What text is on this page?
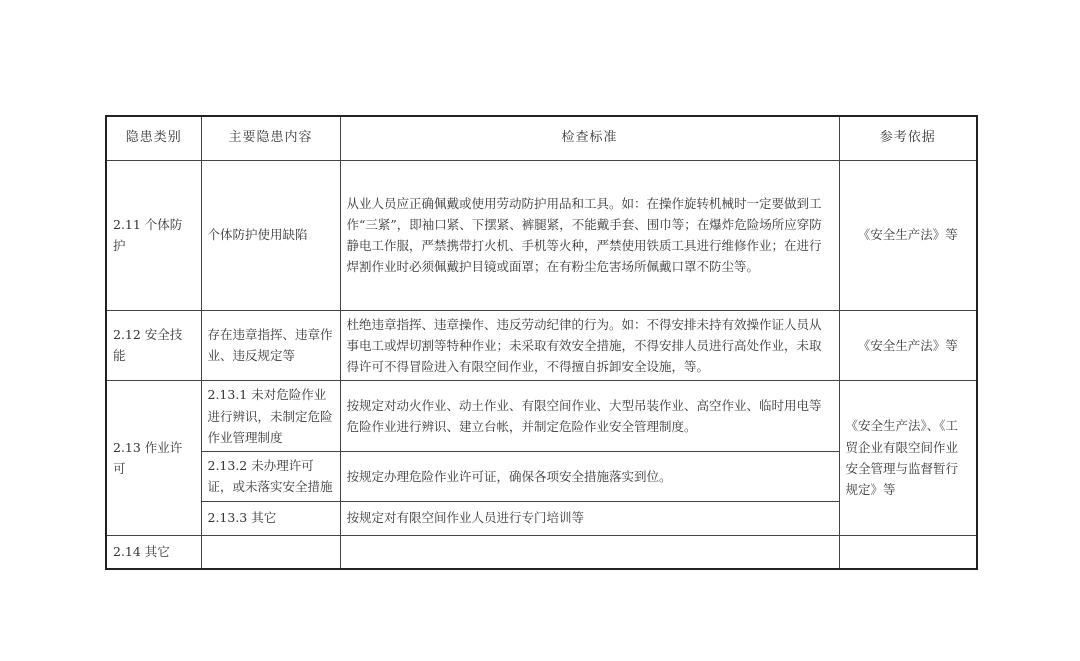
隐患类别	主要隐患内容	检查标准	参考依据
2.11 个体防护	个体防护使用缺陷	从业人员应正确佩戴或使用劳动防护用品和工具。如：在操作旋转机械时一定要做到工作“三紧”，即袖口紧、下摆紧、裤腿紧，不能戴手套、围巾等；在爆炸危险场所应穿防静电工作服，严禁携带打火机、手机等火种，严禁使用铁质工具进行维修作业；在进行焊割作业时必须佩戴护目镜或面罩；在有粉尘危害场所佩戴口罩不防尘等。	《安全生产法》等
2.12 安全技能	存在违章指挥、违章作业、违反规定等	杜绝违章指挥、违章操作、违反劳动纪律的行为。如：不得安排未持有效操作证人员从事电工或焊切割等特种作业；未采取有效安全措施，不得安排人员进行高处作业，未取得许可不得冒险进入有限空间作业，不得擅自拆卸安全设施，等。	《安全生产法》等
2.13 作业许可	2.13.1 未对危险作业进行辨识，未制定危险作业管理制度	按规定对动火作业、动土作业、有限空间作业、大型吊装作业、高空作业、临时用电等危险作业进行辨识、建立台帐，并制定危险作业安全管理制度。	《安全生产法》、《工贸企业有限空间作业安全管理与监督暂行规定》等
	2.13.2 未办理许可证，或未落实安全措施	按规定办理危险作业许可证，确保各项安全措施落实到位。	
	2.13.3 其它	按规定对有限空间作业人员进行专门培训等	
2.14 其它			
